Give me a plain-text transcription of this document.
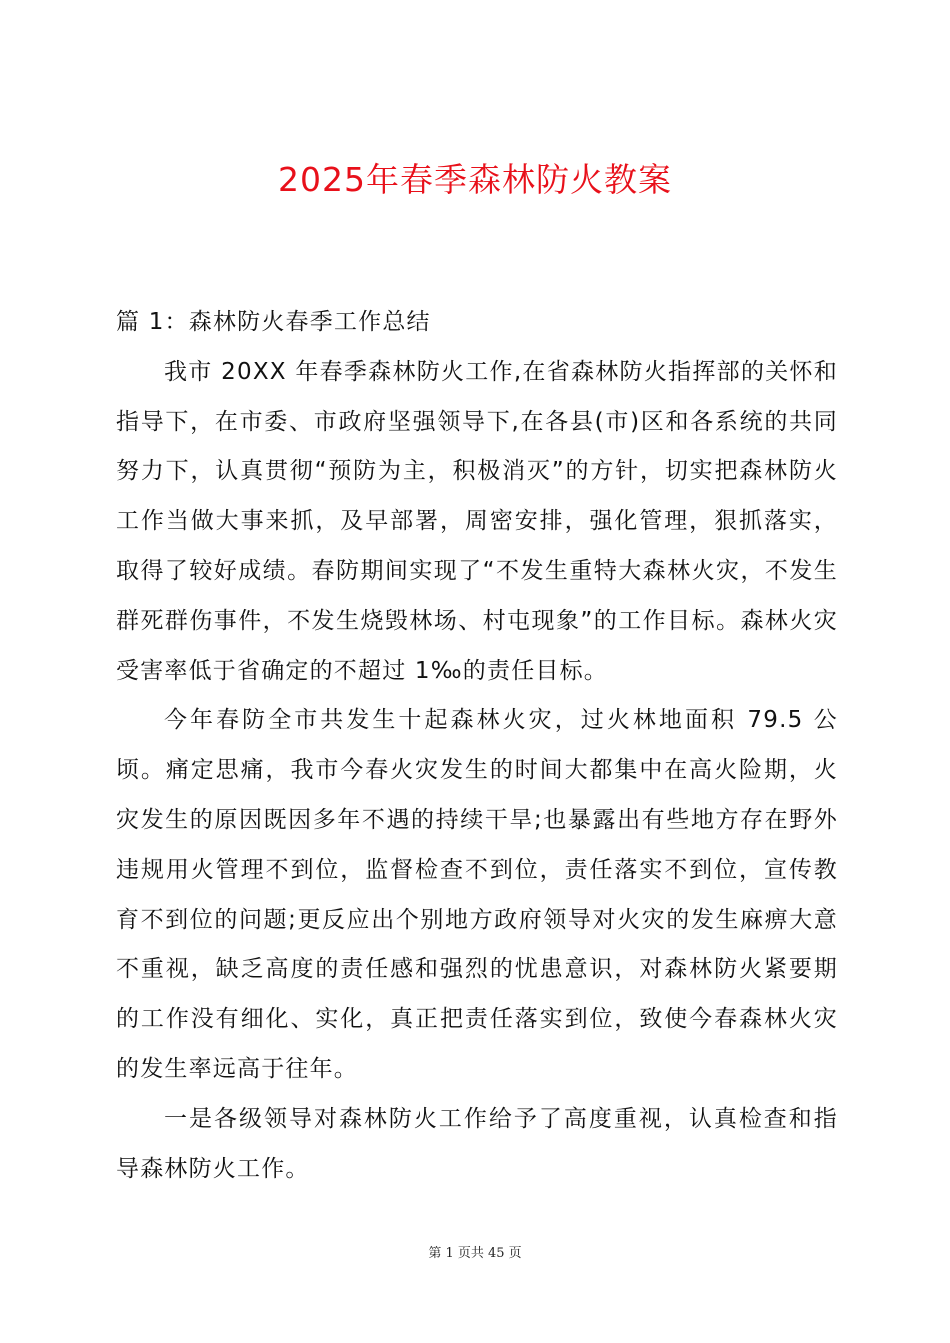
2025年春季森林防火教案

篇 1：森林防火春季工作总结

我市 20XX 年春季森林防火工作,在省森林防火指挥部的关怀和指导下，在市委、市政府坚强领导下,在各县(市)区和各系统的共同努力下，认真贯彻“预防为主，积极消灭”的方针，切实把森林防火工作当做大事来抓，及早部署，周密安排，强化管理，狠抓落实，取得了较好成绩。春防期间实现了“不发生重特大森林火灾，不发生群死群伤事件，不发生烧毁林场、村屯现象”的工作目标。森林火灾受害率低于省确定的不超过 1‰的责任目标。

今年春防全市共发生十起森林火灾，过火林地面积 79.5 公顷。痛定思痛，我市今春火灾发生的时间大都集中在高火险期，火灾发生的原因既因多年不遇的持续干旱;也暴露出有些地方存在野外违规用火管理不到位，监督检查不到位，责任落实不到位，宣传教育不到位的问题;更反应出个别地方政府领导对火灾的发生麻痹大意不重视，缺乏高度的责任感和强烈的忧患意识，对森林防火紧要期的工作没有细化、实化，真正把责任落实到位，致使今春森林火灾的发生率远高于往年。

一是各级领导对森林防火工作给予了高度重视，认真检查和指导森林防火工作。

第 1 页共 45 页
